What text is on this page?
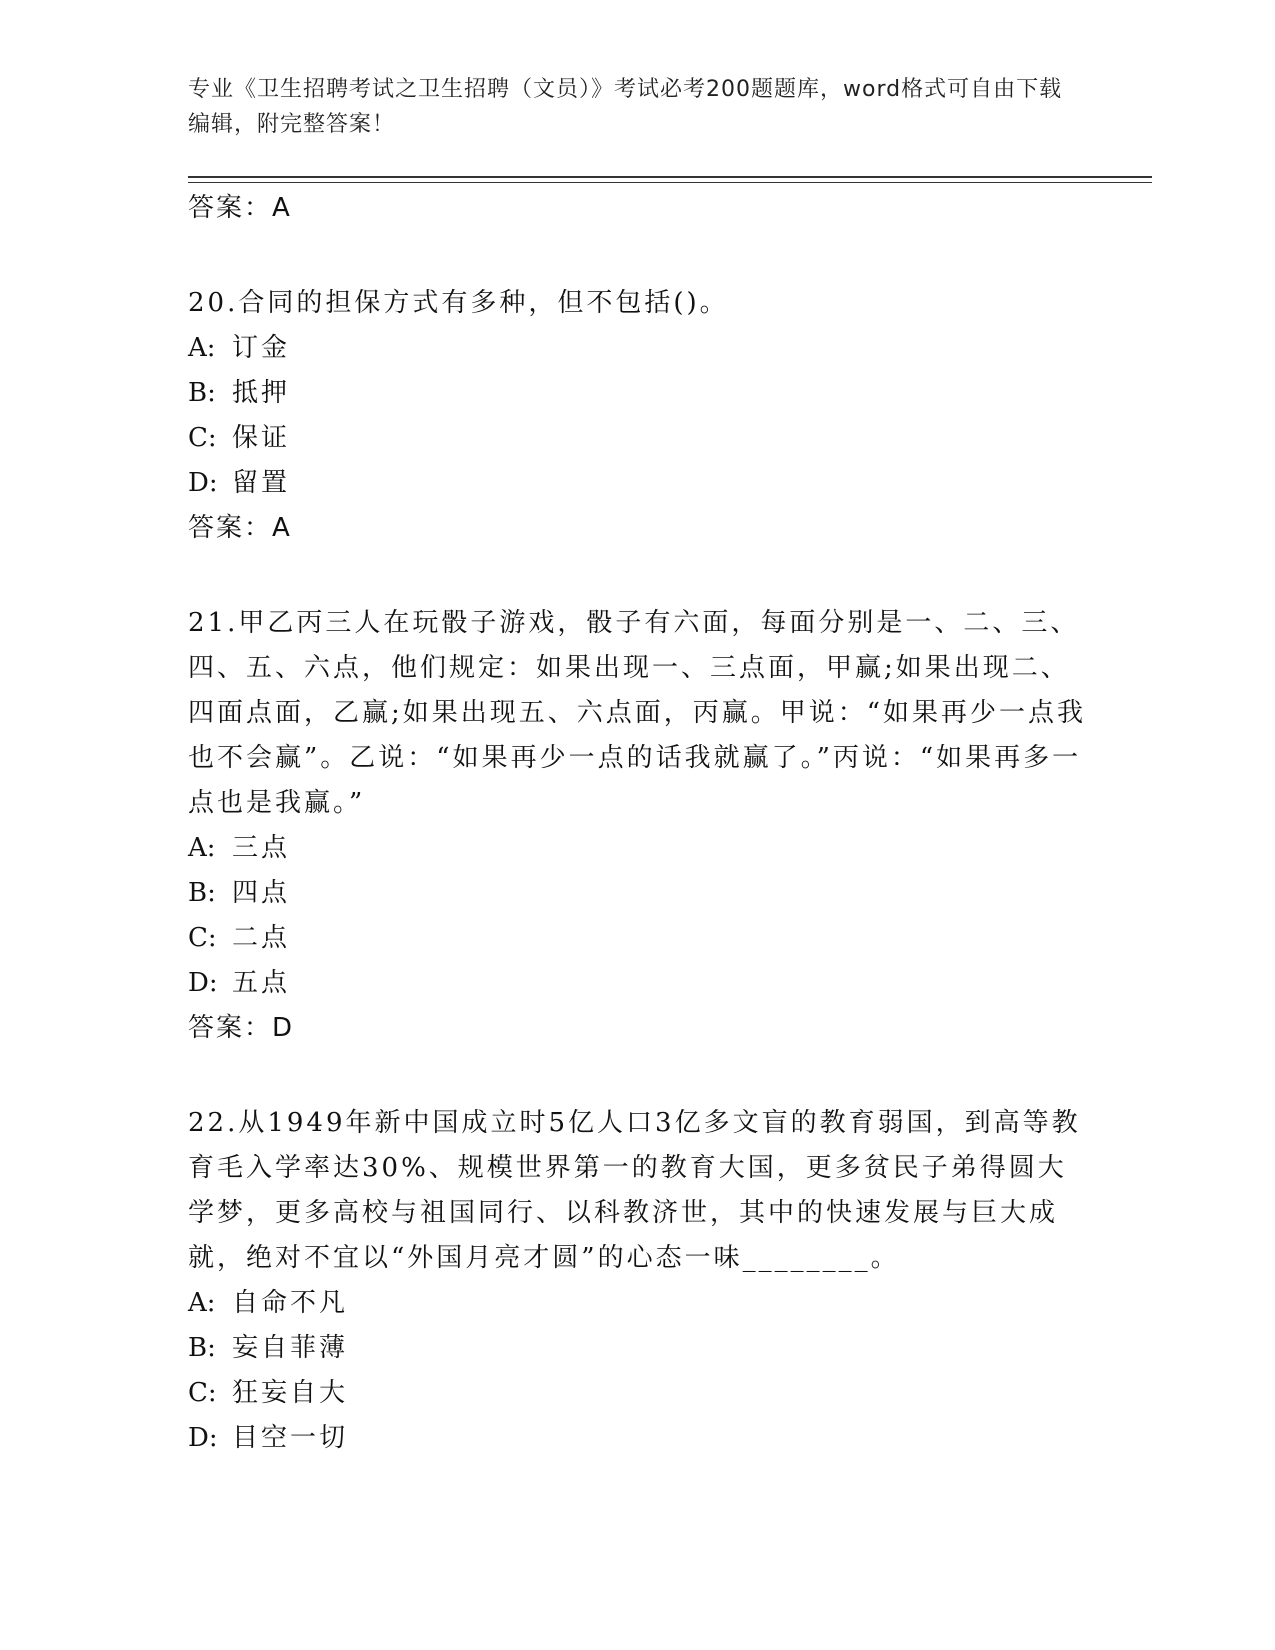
专业《卫生招聘考试之卫生招聘（文员）》考试必考200题题库，word格式可自由下载编辑，附完整答案！
答案：A
20.合同的担保方式有多种，但不包括()。
A: 订金
B: 抵押
C: 保证
D: 留置
答案：A
21.甲乙丙三人在玩骰子游戏，骰子有六面，每面分别是一、二、三、四、五、六点，他们规定：如果出现一、三点面，甲赢;如果出现二、四面点面，乙赢;如果出现五、六点面，丙赢。甲说：“如果再少一点我也不会赢”。乙说：“如果再少一点的话我就赢了。”丙说：“如果再多一点也是我赢。”
A: 三点
B: 四点
C: 二点
D: 五点
答案：D
22.从1949年新中国成立时5亿人口3亿多文盲的教育弱国，到高等教育毛入学率达30%、规模世界第一的教育大国，更多贫民子弟得圆大学梦，更多高校与祖国同行、以科教济世，其中的快速发展与巨大成就，绝对不宜以“外国月亮才圆”的心态一味________。
A: 自命不凡
B: 妄自菲薄
C: 狂妄自大
D: 目空一切
